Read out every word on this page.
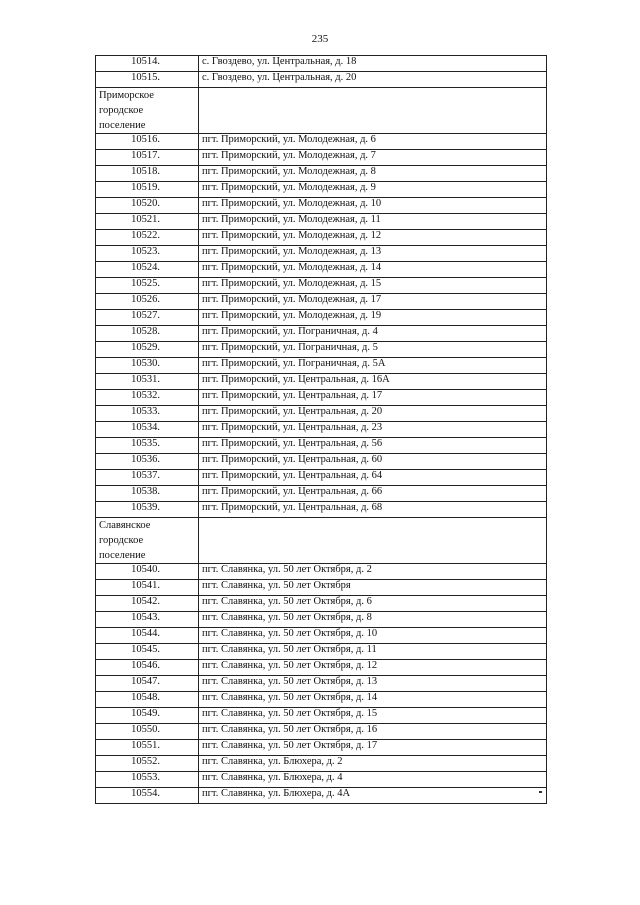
235
10514.	с. Гвоздево, ул. Центральная, д. 18
10515.	с. Гвоздево, ул. Центральная, д. 20

Приморское
городское
поселение	

10516.	пгт. Приморский, ул. Молодежная, д. 6
10517.	пгт. Приморский, ул. Молодежная, д. 7
10518.	пгт. Приморский, ул. Молодежная, д. 8
10519.	пгт. Приморский, ул. Молодежная, д. 9
10520.	пгт. Приморский, ул. Молодежная, д. 10
10521.	пгт. Приморский, ул. Молодежная, д. 11
10522.	пгт. Приморский, ул. Молодежная, д. 12
10523.	пгт. Приморский, ул. Молодежная, д. 13
10524.	пгт. Приморский, ул. Молодежная, д. 14
10525.	пгт. Приморский, ул. Молодежная, д. 15
10526.	пгт. Приморский, ул. Молодежная, д. 17
10527.	пгт. Приморский, ул. Молодежная, д. 19
10528.	пгт. Приморский, ул. Пограничная, д. 4
10529.	пгт. Приморский, ул. Пограничная, д. 5
10530.	пгт. Приморский, ул. Пограничная, д. 5А
10531.	пгт. Приморский, ул. Центральная, д. 16А
10532.	пгт. Приморский, ул. Центральная, д. 17
10533.	пгт. Приморский, ул. Центральная, д. 20
10534.	пгт. Приморский, ул. Центральная, д. 23
10535.	пгт. Приморский, ул. Центральная, д. 56
10536.	пгт. Приморский, ул. Центральная, д. 60
10537.	пгт. Приморский, ул. Центральная, д. 64
10538.	пгт. Приморский, ул. Центральная, д. 66
10539.	пгт. Приморский, ул. Центральная, д. 68

Славянское
городское
поселение	

10540.	пгт. Славянка, ул. 50 лет Октября, д. 2
10541.	пгт. Славянка, ул. 50 лет Октября
10542.	пгт. Славянка, ул. 50 лет Октября, д. 6
10543.	пгт. Славянка, ул. 50 лет Октября, д. 8
10544.	пгт. Славянка, ул. 50 лет Октября, д. 10
10545.	пгт. Славянка, ул. 50 лет Октября, д. 11
10546.	пгт. Славянка, ул. 50 лет Октября, д. 12
10547.	пгт. Славянка, ул. 50 лет Октября, д. 13
10548.	пгт. Славянка, ул. 50 лет Октября, д. 14
10549.	пгт. Славянка, ул. 50 лет Октября, д. 15
10550.	пгт. Славянка, ул. 50 лет Октября, д. 16
10551.	пгт. Славянка, ул. 50 лет Октября, д. 17
10552.	пгт. Славянка, ул. Блюхера, д. 2
10553.	пгт. Славянка, ул. Блюхера, д. 4
10554.	пгт. Славянка, ул. Блюхера, д. 4А
